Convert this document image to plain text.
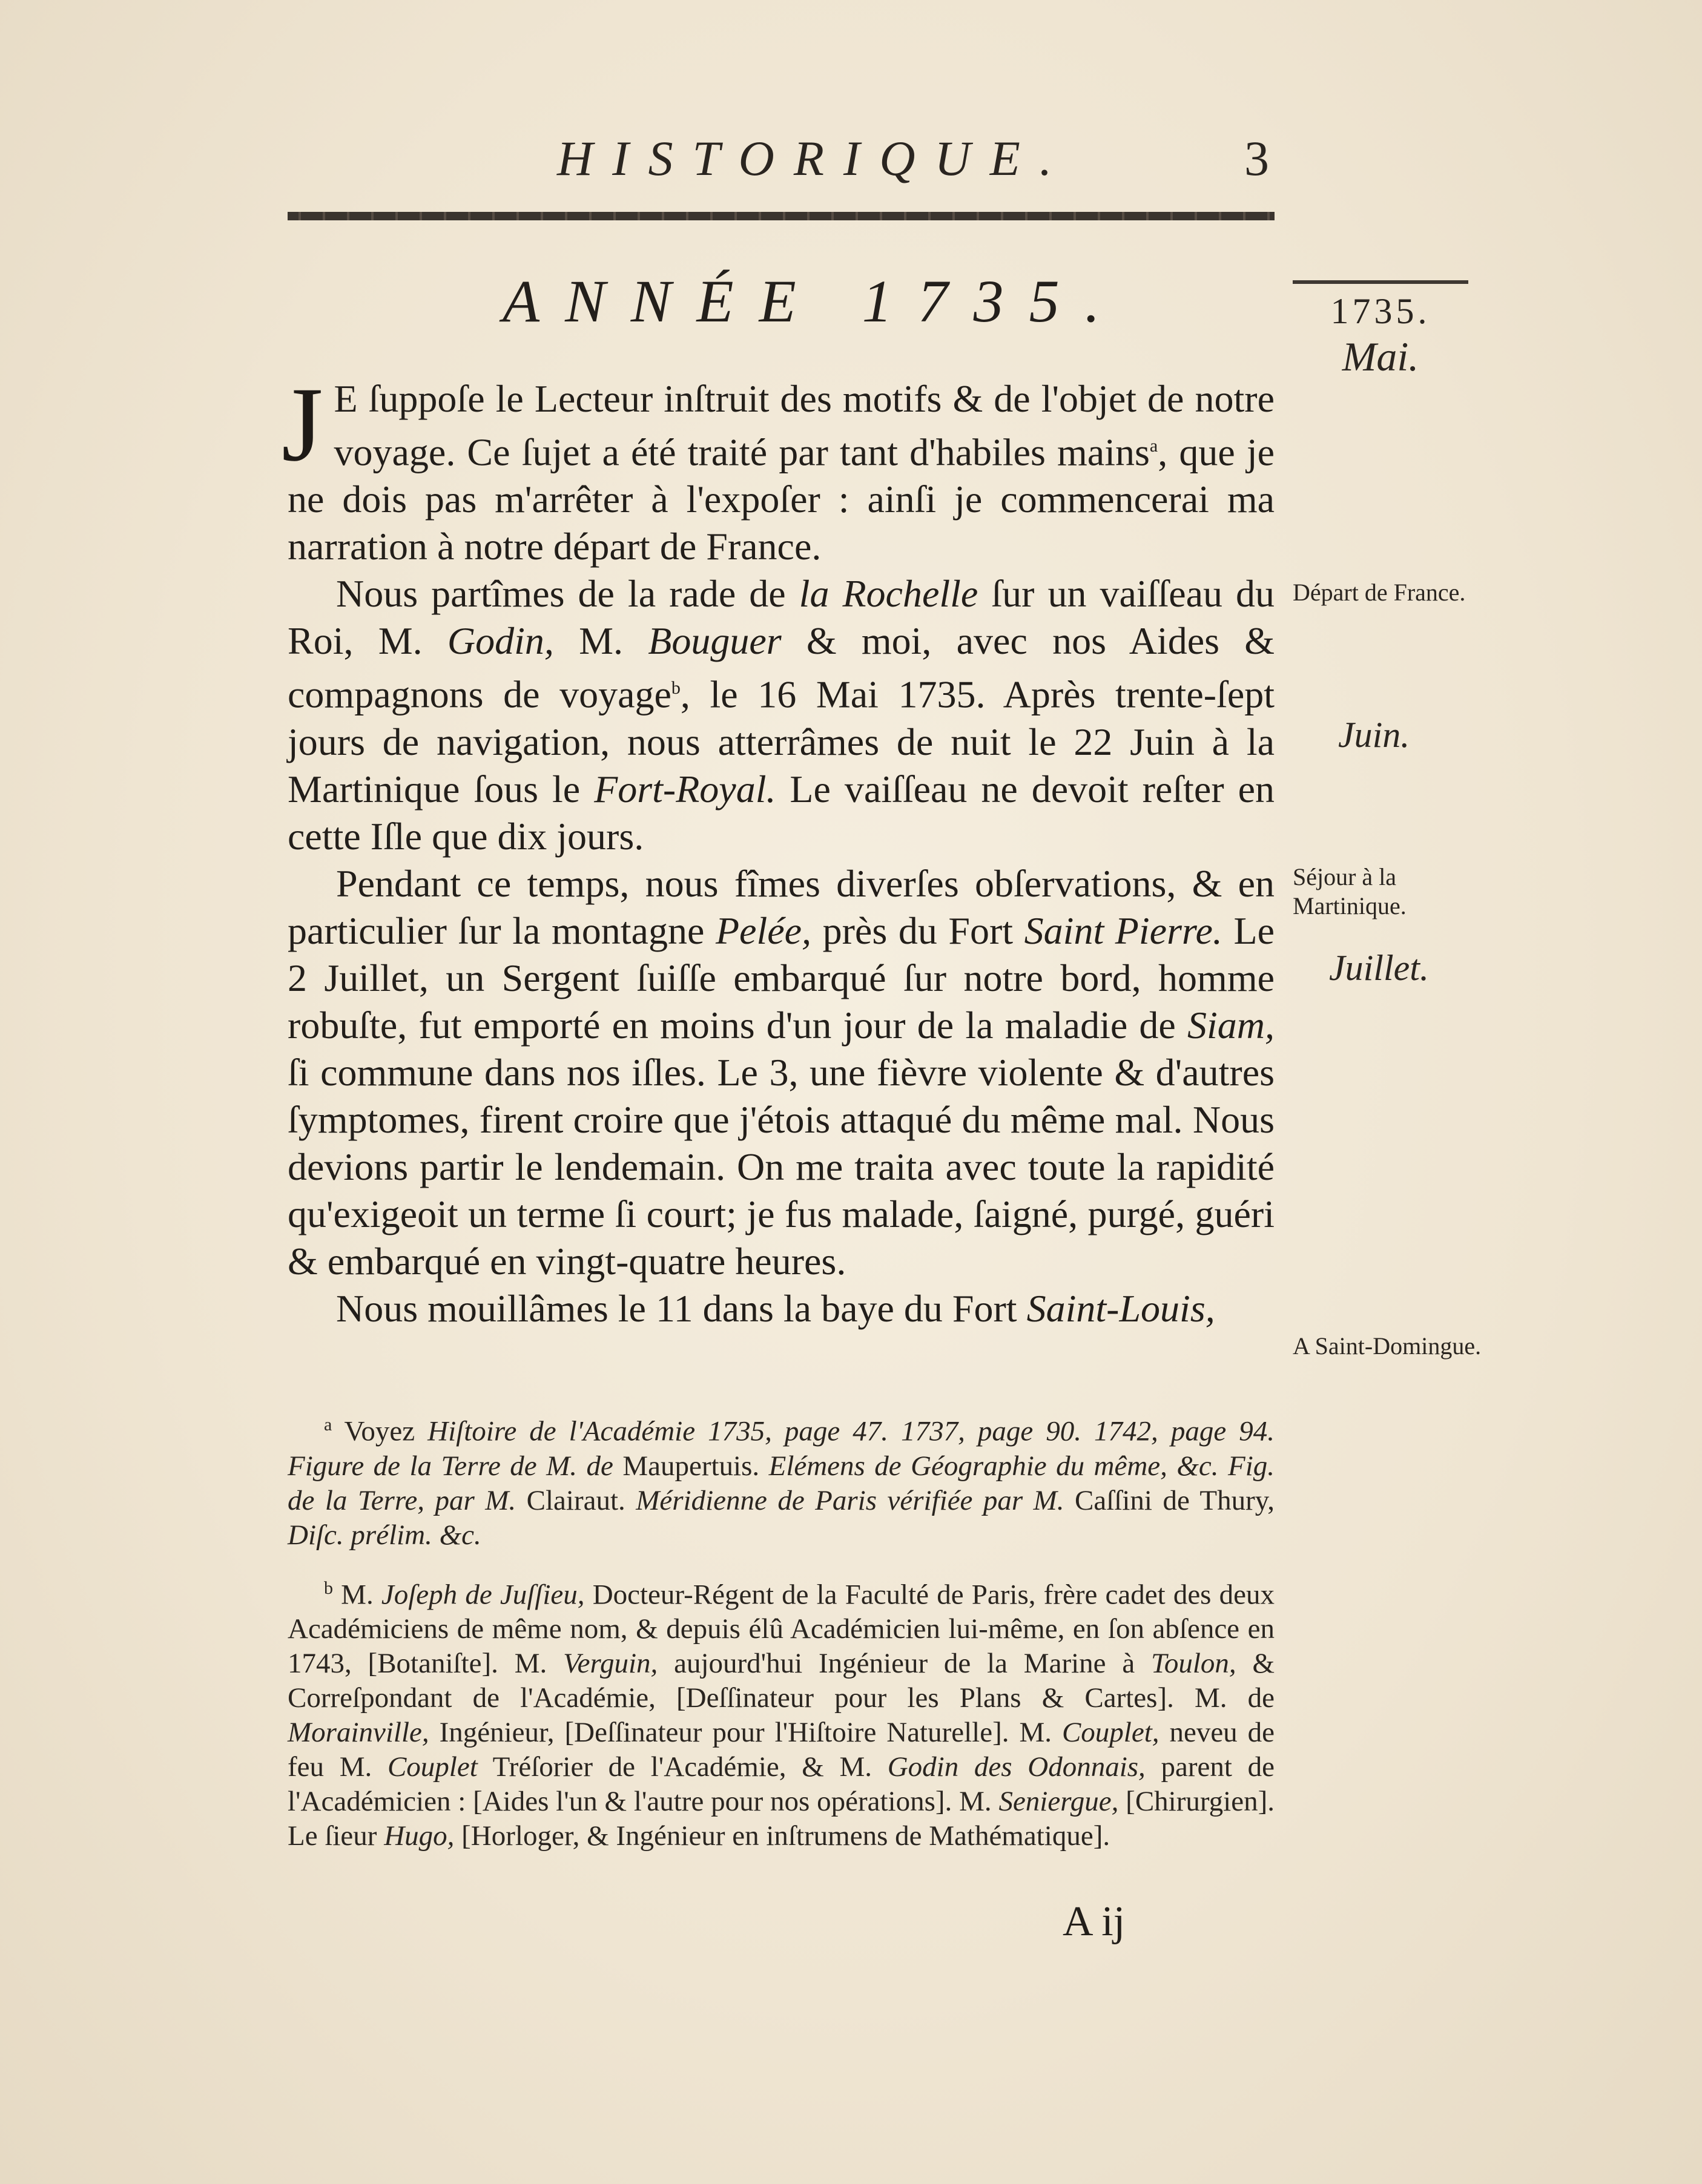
HISTORIQUE.	3
ANNÉE 1735.	1735.
Mai.
Départ de France.
Juin.
Séjour à la Martinique.
Juillet.
A Saint-Domingue.

J E ſuppoſe le Lecteur inſtruit des motifs & de l'objet de notre voyage. Ce ſujet a été traité par tant d'habiles mains$^a$, que je ne dois pas m'arrêter à l'expoſer : ainſi je commencerai ma narration à notre départ de France.

Nous partîmes de la rade de la Rochelle ſur un vaiſſeau du Roi, M. Godin, M. Bouguer & moi, avec nos Aides & compagnons de voyage$^b$, le 16 Mai 1735. Après trente-ſept jours de navigation, nous atterrâmes de nuit le 22 Juin à la Martinique ſous le Fort-Royal. Le vaiſſeau ne devoit reſter en cette Iſle que dix jours.

Pendant ce temps, nous fîmes diverſes obſervations, & en particulier ſur la montagne Pelée, près du Fort Saint Pierre. Le 2 Juillet, un Sergent ſuiſſe embarqué ſur notre bord, homme robuſte, fut emporté en moins d'un jour de la maladie de Siam, ſi commune dans nos iſles. Le 3, une fièvre violente & d'autres ſymptomes, firent croire que j'étois attaqué du même mal. Nous devions partir le lendemain. On me traita avec toute la rapidité qu'exigeoit un terme ſi court; je fus malade, ſaigné, purgé, guéri & embarqué en vingt-quatre heures.

Nous mouillâmes le 11 dans la baye du Fort Saint-Louis,

$^a$ Voyez Hiſtoire de l'Académie 1735, page 47. 1737, page 90. 1742, page 94. Figure de la Terre de M. de Maupertuis. Elémens de Géographie du même, &c. Fig. de la Terre, par M. Clairaut. Méridienne de Paris vérifiée par M. Caſſini de Thury, Diſc. prélim. &c.

$^b$ M. Joſeph de Juſſieu, Docteur-Régent de la Faculté de Paris, frère cadet des deux Académiciens de même nom, & depuis élû Académicien lui-même, en ſon abſence en 1743, [Botaniſte]. M. Verguin, aujourd'hui Ingénieur de la Marine à Toulon, & Correſpondant de l'Académie, [Deſſinateur pour les Plans & Cartes]. M. de Morainville, Ingénieur, [Deſſinateur pour l'Hiſtoire Naturelle]. M. Couplet, neveu de feu M. Couplet Tréſorier de l'Académie, & M. Godin des Odonnais, parent de l'Académicien : [Aides l'un & l'autre pour nos opérations]. M. Seniergue, [Chirurgien]. Le ſieur Hugo, [Horloger, & Ingénieur en inſtrumens de Mathématique].

A ij
